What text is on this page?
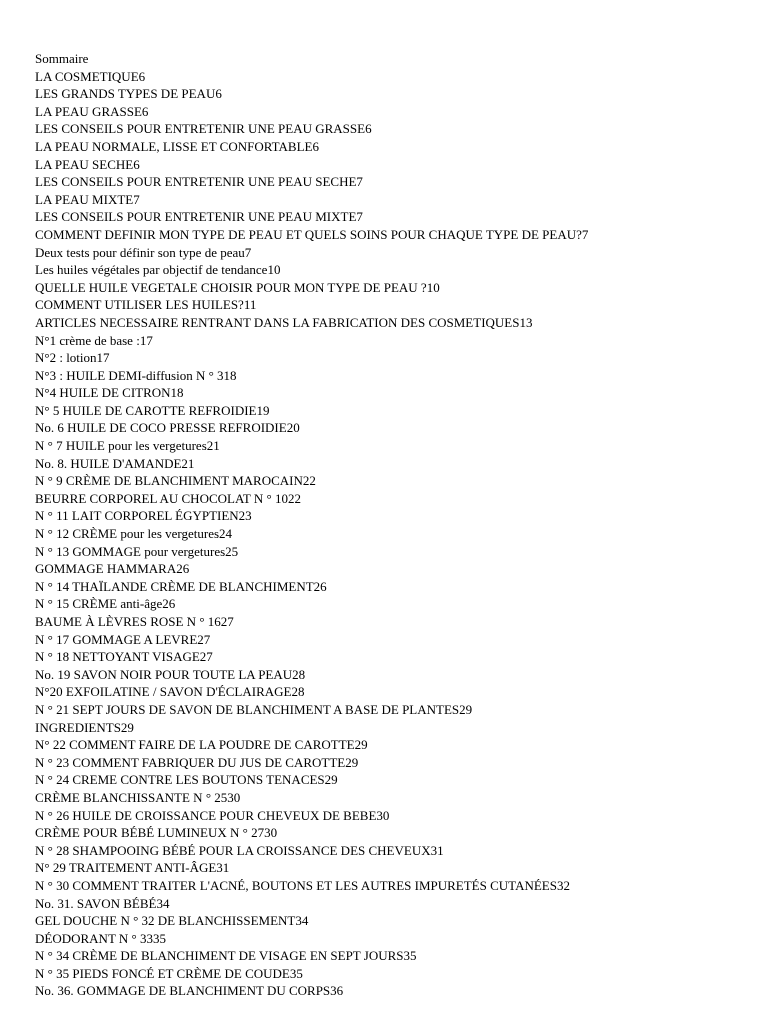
Sommaire
LA COSMETIQUE6
LES GRANDS TYPES DE PEAU6
LA PEAU GRASSE6
LES CONSEILS POUR ENTRETENIR UNE PEAU GRASSE6
LA PEAU NORMALE, LISSE ET CONFORTABLE6
LA PEAU SECHE6
LES CONSEILS POUR ENTRETENIR UNE PEAU SECHE7
LA PEAU MIXTE7
LES CONSEILS POUR ENTRETENIR UNE PEAU MIXTE7
COMMENT DEFINIR MON TYPE DE PEAU ET QUELS SOINS POUR CHAQUE TYPE DE PEAU?7
Deux tests pour définir son type de peau7
Les huiles végétales par objectif de tendance10
QUELLE HUILE VEGETALE CHOISIR POUR MON TYPE DE PEAU ?10
COMMENT UTILISER LES HUILES?11
ARTICLES NECESSAIRE RENTRANT DANS LA FABRICATION DES COSMETIQUES13
N°1 crème de base :17
N°2 : lotion17
N°3 : HUILE DEMI-diffusion N ° 318
N°4 HUILE DE CITRON18
N° 5 HUILE DE CAROTTE REFROIDIE19
No. 6 HUILE DE COCO PRESSE REFROIDIE20
N ° 7 HUILE pour les vergetures21
No. 8. HUILE D'AMANDE21
N ° 9 CRÈME DE BLANCHIMENT MAROCAIN22
BEURRE CORPOREL AU CHOCOLAT N ° 1022
N ° 11 LAIT CORPOREL ÉGYPTIEN23
N ° 12 CRÈME pour les vergetures24
N ° 13 GOMMAGE pour vergetures25
GOMMAGE HAMMARA26
N ° 14 THAÏLANDE CRÈME DE BLANCHIMENT26
N ° 15 CRÈME anti-âge26
BAUME À LÈVRES ROSE N ° 1627
N ° 17 GOMMAGE A LEVRE27
N ° 18 NETTOYANT VISAGE27
No. 19 SAVON NOIR POUR TOUTE LA PEAU28
N°20 EXFOILATINE / SAVON D'ÉCLAIRAGE28
N ° 21 SEPT JOURS DE SAVON DE BLANCHIMENT A BASE DE PLANTES29
INGREDIENTS29
N° 22 COMMENT FAIRE DE LA POUDRE DE CAROTTE29
N ° 23 COMMENT FABRIQUER DU JUS DE CAROTTE29
N ° 24 CREME CONTRE LES BOUTONS TENACES29
CRÈME BLANCHISSANTE N ° 2530
N ° 26 HUILE DE CROISSANCE POUR CHEVEUX DE BEBE30
CRÈME POUR BÉBÉ LUMINEUX N ° 2730
N ° 28 SHAMPOOING BÉBÉ POUR LA CROISSANCE DES CHEVEUX31
N° 29 TRAITEMENT ANTI-ÂGE31
N ° 30 COMMENT TRAITER L'ACNÉ, BOUTONS ET LES AUTRES IMPURETÉS CUTANÉES32
No. 31. SAVON BÉBÉ34
GEL DOUCHE N ° 32 DE BLANCHISSEMENT34
DÉODORANT N ° 3335
N ° 34 CRÈME DE BLANCHIMENT DE VISAGE EN SEPT JOURS35
N ° 35 PIEDS FONCÉ ET CRÈME DE COUDE35
No. 36. GOMMAGE DE BLANCHIMENT DU CORPS36
